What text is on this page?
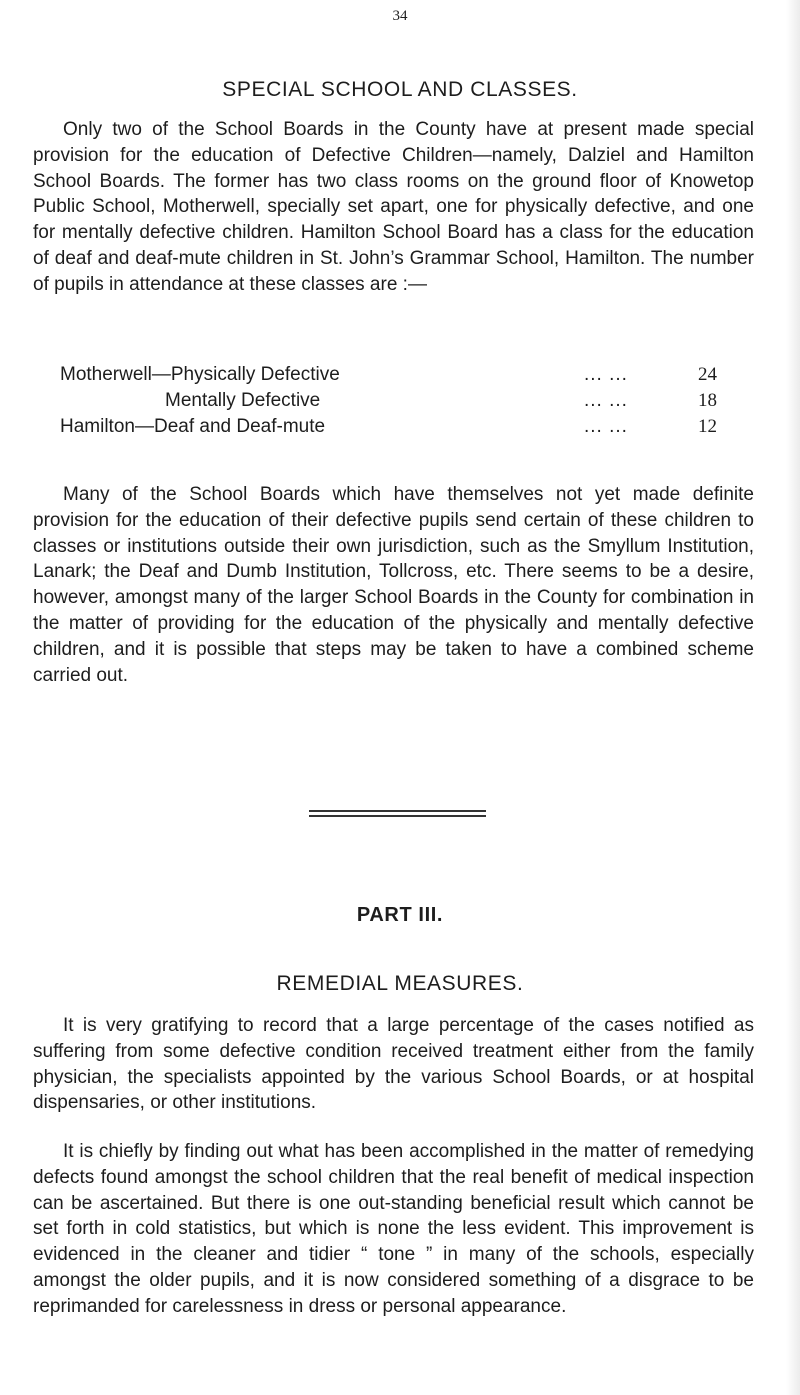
34
SPECIAL SCHOOL AND CLASSES.

Only two of the School Boards in the County have at present made special provision for the education of Defective Children—namely, Dalziel and Hamilton School Boards. The former has two class rooms on the ground floor of Knowetop Public School, Motherwell, specially set apart, one for physically defective, and one for mentally defective children. Hamilton School Board has a class for the education of deaf and deaf-mute children in St. John’s Grammar School, Hamilton. The number of pupils in attendance at these classes are :—

Motherwell—Physically Defective	... ...	24
Mentally Defective	... ...	18
Hamilton—Deaf and Deaf-mute	... ...	12

Many of the School Boards which have themselves not yet made definite provision for the education of their defective pupils send certain of these children to classes or institutions outside their own jurisdiction, such as the Smyllum Institution, Lanark; the Deaf and Dumb Institution, Tollcross, etc. There seems to be a desire, however, amongst many of the larger School Boards in the County for combination in the matter of providing for the education of the physically and mentally defective children, and it is possible that steps may be taken to have a combined scheme carried out.

PART III.
REMEDIAL MEASURES.

It is very gratifying to record that a large percentage of the cases notified as suffering from some defective condition received treatment either from the family physician, the specialists appointed by the various School Boards, or at hospital dispensaries, or other institutions.

It is chiefly by finding out what has been accomplished in the matter of remedying defects found amongst the school children that the real benefit of medical inspection can be ascertained. But there is one out-standing beneficial result which cannot be set forth in cold statistics, but which is none the less evident. This improvement is evidenced in the cleaner and tidier “ tone ” in many of the schools, especially amongst the older pupils, and it is now considered something of a disgrace to be reprimanded for carelessness in dress or personal appearance.
